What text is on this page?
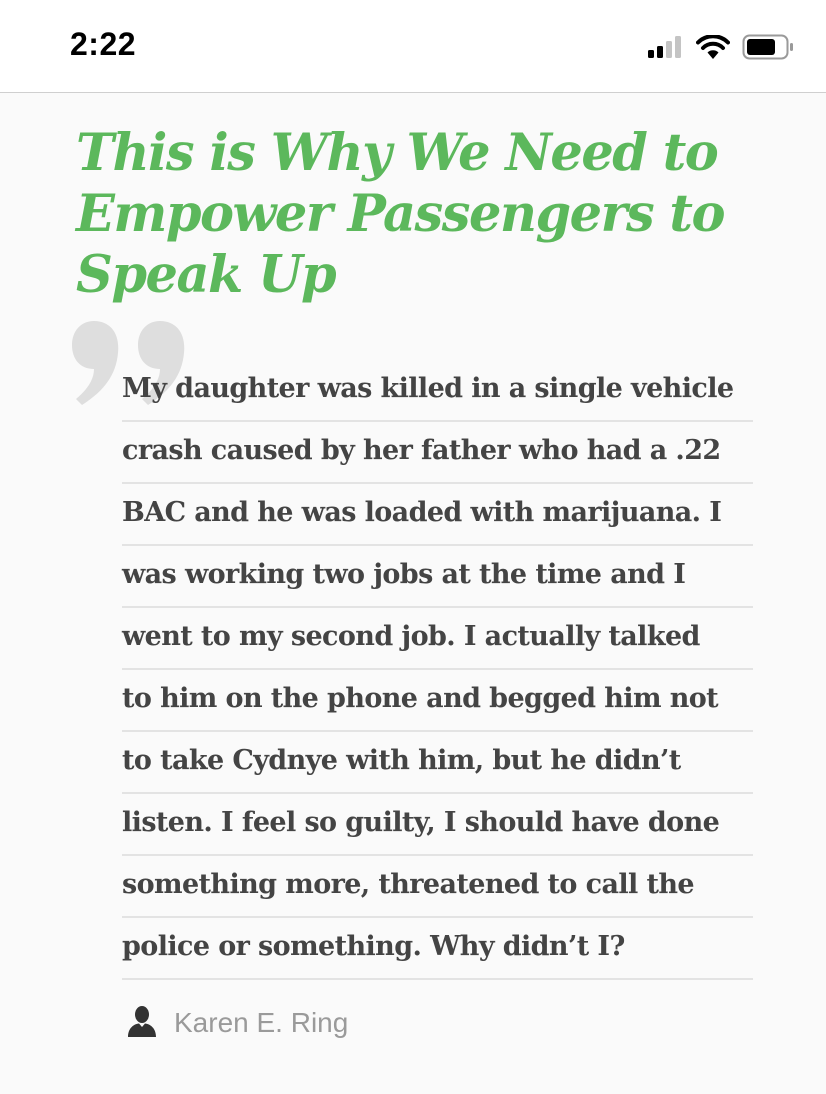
2:22
This is Why We Need to
Empower Passengers to
Speak Up
My daughter was killed in a single vehicle
crash caused by her father who had a .22
BAC and he was loaded with marijuana. I
was working two jobs at the time and I
went to my second job. I actually talked
to him on the phone and begged him not
to take Cydnye with him, but he didn’t
listen. I feel so guilty, I should have done
something more, threatened to call the
police or something. Why didn’t I?
Karen E. Ring
